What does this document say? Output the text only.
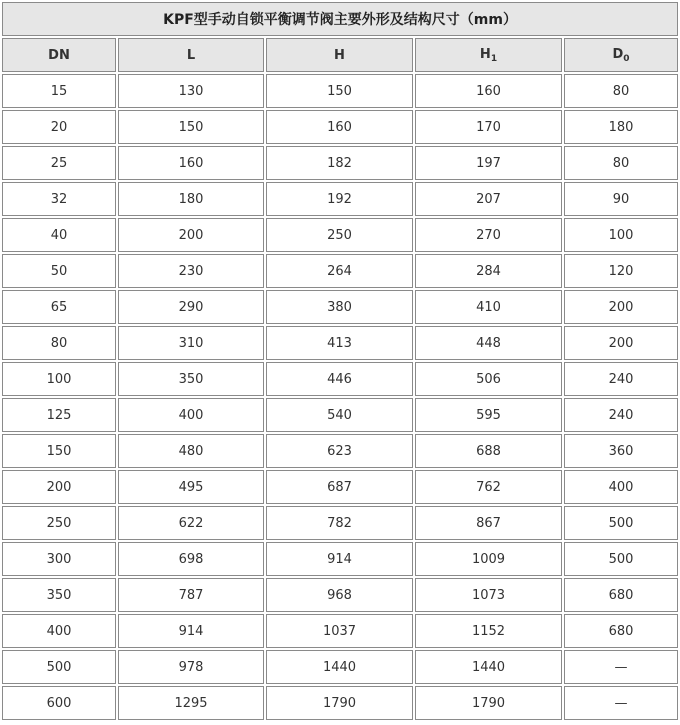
KPF型手动自锁平衡调节阀主要外形及结构尺寸（mm）				
DN	L	H	$H_1$	$D_0$
15	130	150	160	80
20	150	160	170	180
25	160	182	197	80
32	180	192	207	90
40	200	250	270	100
50	230	264	284	120
65	290	380	410	200
80	310	413	448	200
100	350	446	506	240
125	400	540	595	240
150	480	623	688	360
200	495	687	762	400
250	622	782	867	500
300	698	914	1009	500
350	787	968	1073	680
400	914	1037	1152	680
500	978	1440	1440	—
600	1295	1790	1790	—
